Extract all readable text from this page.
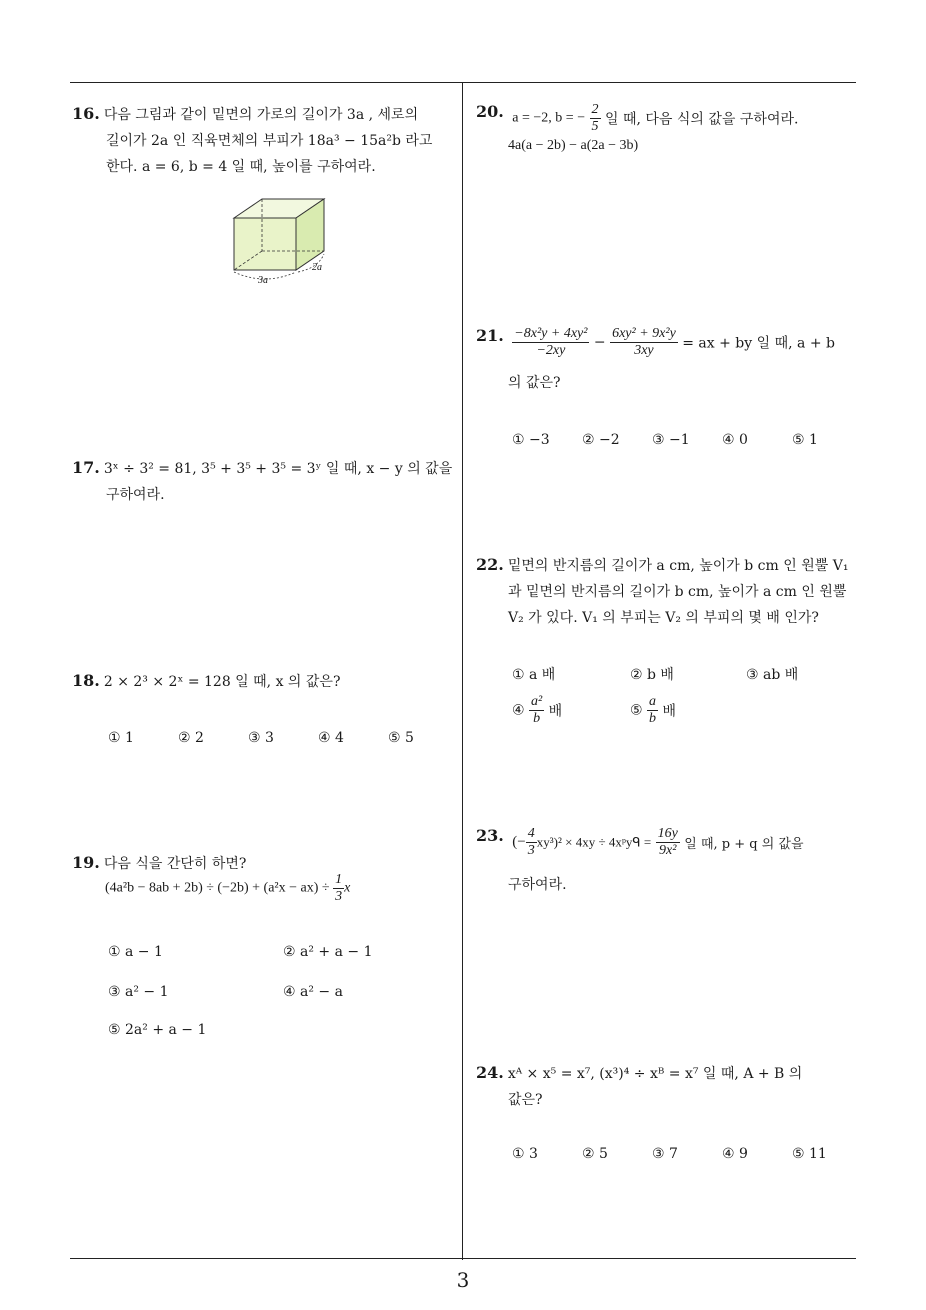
16. 다음 그림과 같이 밑면의 가로의 길이가 3a , 세로의
길이가 2a 인 직육면체의 부피가 18a³ − 15a²b 라고
한다. a = 6, b = 4 일 때, 높이를 구하여라.
3a
2a
17. 3ˣ ÷ 3² = 81, 3⁵ + 3⁵ + 3⁵ = 3ʸ 일 때, x − y 의 값을
구하여라.
18. 2 × 2³ × 2ˣ = 128 일 때, x 의 값은?
① 1	② 2	③ 3	④ 4	⑤ 5
19. 다음 식을 간단히 하면?
$(4a^2b - 8ab + 2b) \div (-2b) + (a^2x - ax) \div \frac{1}{3}$ x
① a − 1	② a² + a − 1
③ a² − 1	④ a² − a
⑤ 2a² + a − 1
20. a = −2, b = − $\frac{2}{5}$ 일 때, 다음 식의 값을 구하여라.
4a(a − 2b) − a(2a − 3b)
21. $\frac{\text{−8x²y + 4xy²}}{-2xy} - \frac{\text{6xy² + 9x²y}}{3xy}$ = ax + by 일 때, a + b
의 값은?
① −3 ② −2 ③ −1 ④ 0	⑤ 1
22. 밑면의 반지름의 길이가 a cm, 높이가 b cm 인 원뿔 V₁
과 밑면의 반지름의 길이가 b cm, 높이가 a cm 인 원뿔
V₂ 가 있다. V₁ 의 부피는 V₂ 의 부피의 몇 배 인가?
① a 배	② b 배	③ ab 배
④ $\frac{\text{a²}}{b}$ 배	⑤ $\frac{a}{b}$ 배
23. (− $\frac{4}{3} xy^3)^2 \times 4xy$ ÷ 4xᵖyᑫ = $\frac{16y}{\text{9x²}}$ 일 때, p + q 의 값을
구하여라.
24. xᴬ × x⁵ = x⁷, (x³)⁴ ÷ xᴮ = x⁷ 일 때, A + B 의
값은?
① 3	② 5	③ 7	④ 9	⑤ 11
3
